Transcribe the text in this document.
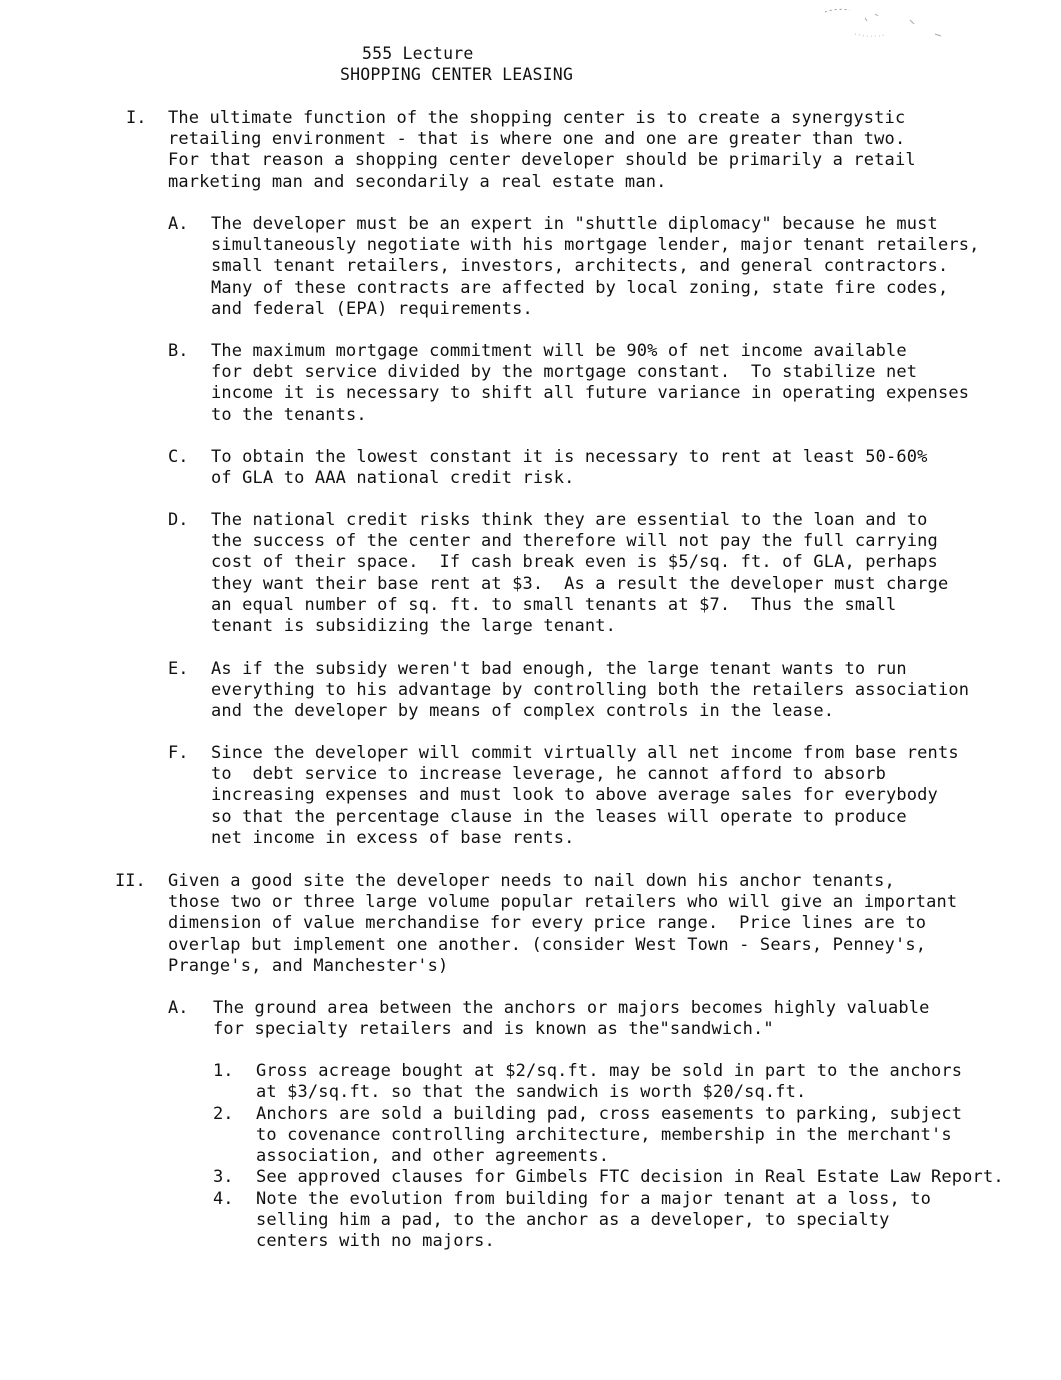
555 Lecture
SHOPPING CENTER LEASING
I. The ultimate function of the shopping center is to create a synergystic
retailing environment - that is where one and one are greater than two.
For that reason a shopping center developer should be primarily a retail
marketing man and secondarily a real estate man.
A. The developer must be an expert in "shuttle diplomacy" because he must
simultaneously negotiate with his mortgage lender, major tenant retailers,
small tenant retailers, investors, architects, and general contractors.
Many of these contracts are affected by local zoning, state fire codes,
and federal (EPA) requirements.
B. The maximum mortgage commitment will be 90% of net income available
for debt service divided by the mortgage constant.  To stabilize net
income it is necessary to shift all future variance in operating expenses
to the tenants.
C. To obtain the lowest constant it is necessary to rent at least 50-60%
of GLA to AAA national credit risk.
D. The national credit risks think they are essential to the loan and to
the success of the center and therefore will not pay the full carrying
cost of their space.  If cash break even is $5/sq. ft. of GLA, perhaps
they want their base rent at $3.  As a result the developer must charge
an equal number of sq. ft. to small tenants at $7.  Thus the small
tenant is subsidizing the large tenant.
E. As if the subsidy weren't bad enough, the large tenant wants to run
everything to his advantage by controlling both the retailers association
and the developer by means of complex controls in the lease.
F. Since the developer will commit virtually all net income from base rents
to  debt service to increase leverage, he cannot afford to absorb
increasing expenses and must look to above average sales for everybody
so that the percentage clause in the leases will operate to produce
net income in excess of base rents.
II. Given a good site the developer needs to nail down his anchor tenants,
those two or three large volume popular retailers who will give an important
dimension of value merchandise for every price range.  Price lines are to
overlap but implement one another. (consider West Town - Sears, Penney's,
Prange's, and Manchester's)
A. The ground area between the anchors or majors becomes highly valuable
for specialty retailers and is known as the"sandwich."
1. Gross acreage bought at $2/sq.ft. may be sold in part to the anchors
at $3/sq.ft. so that the sandwich is worth $20/sq.ft.
2. Anchors are sold a building pad, cross easements to parking, subject
to covenance controlling architecture, membership in the merchant's
association, and other agreements.
3. See approved clauses for Gimbels FTC decision in Real Estate Law Report.
4. Note the evolution from building for a major tenant at a loss, to
selling him a pad, to the anchor as a developer, to specialty
centers with no majors.
